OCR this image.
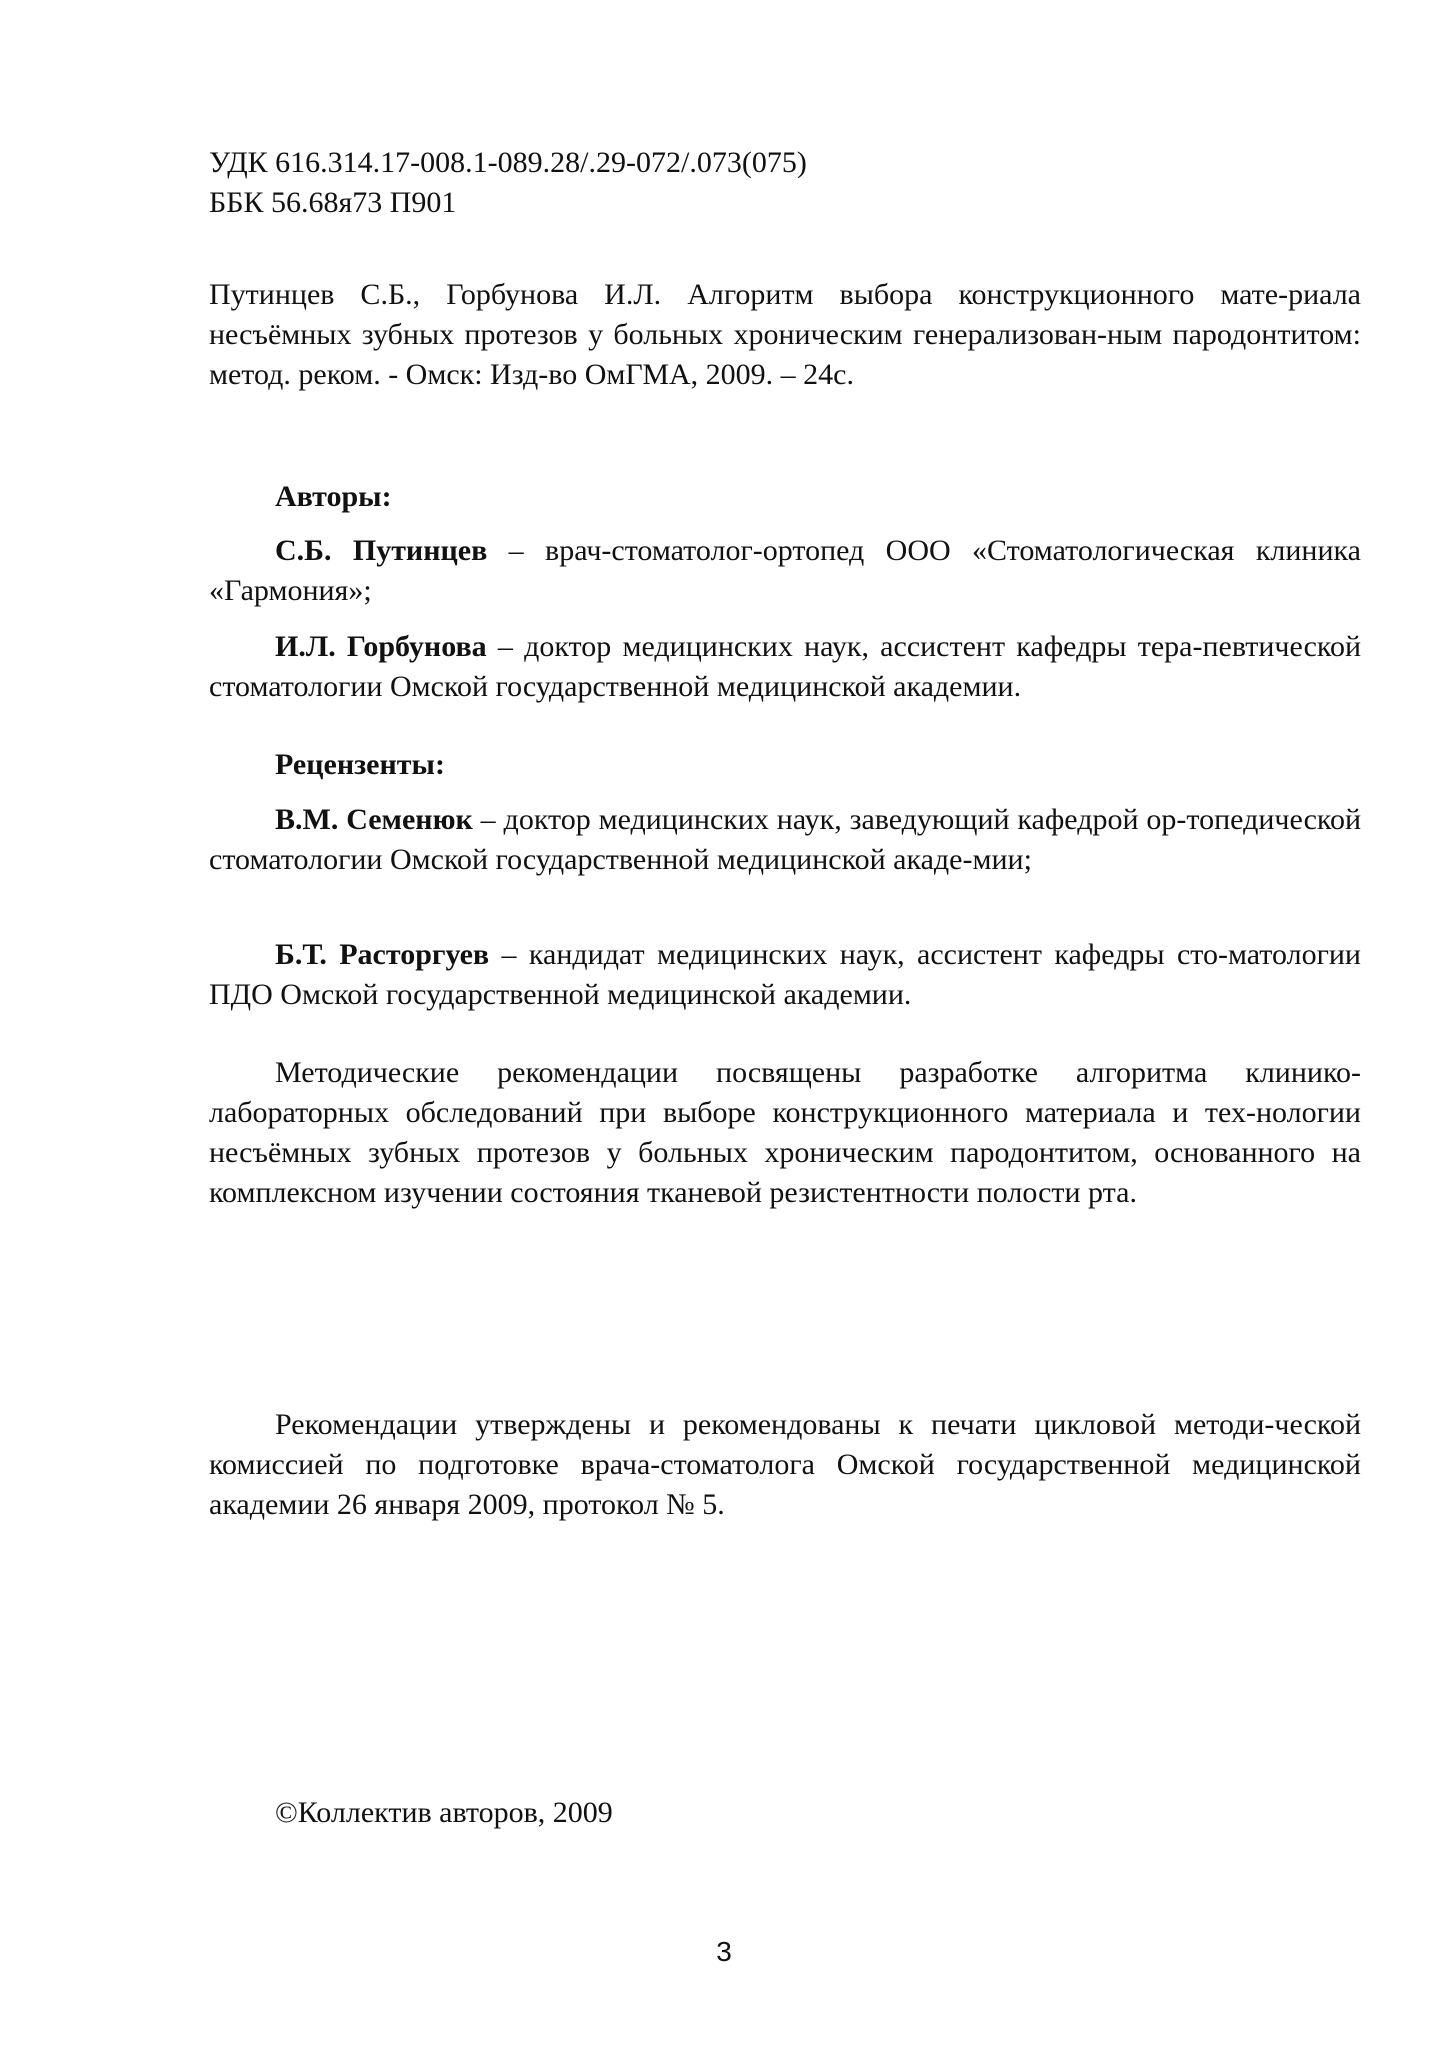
УДК 616.314.17-008.1-089.28/.29-072/.073(075)
ББК 56.68я73 П901
Путинцев С.Б., Горбунова И.Л. Алгоритм выбора конструкционного мате-риала несъёмных зубных протезов у больных хроническим генерализован-ным пародонтитом: метод. реком. - Омск: Изд-во ОмГМА, 2009. – 24с.
Авторы:
С.Б. Путинцев – врач-стоматолог-ортопед ООО «Стоматологическая клиника «Гармония»;
И.Л. Горбунова – доктор медицинских наук, ассистент кафедры тера-певтической стоматологии Омской государственной медицинской академии.
Рецензенты:
В.М. Семенюк – доктор медицинских наук, заведующий кафедрой ор-топедической стоматологии Омской государственной медицинской акаде-мии;
Б.Т. Расторгуев – кандидат медицинских наук, ассистент кафедры сто-матологии ПДО Омской государственной медицинской академии.
Методические рекомендации посвящены разработке алгоритма клинико-лабораторных обследований при выборе конструкционного материала и тех-нологии несъёмных зубных протезов у больных хроническим пародонтитом, основанного на комплексном изучении состояния тканевой резистентности полости рта.
Рекомендации утверждены и рекомендованы к печати цикловой методи-ческой комиссией по подготовке врача-стоматолога Омской государственной медицинской академии 26 января 2009, протокол № 5.
©Коллектив авторов, 2009
3
